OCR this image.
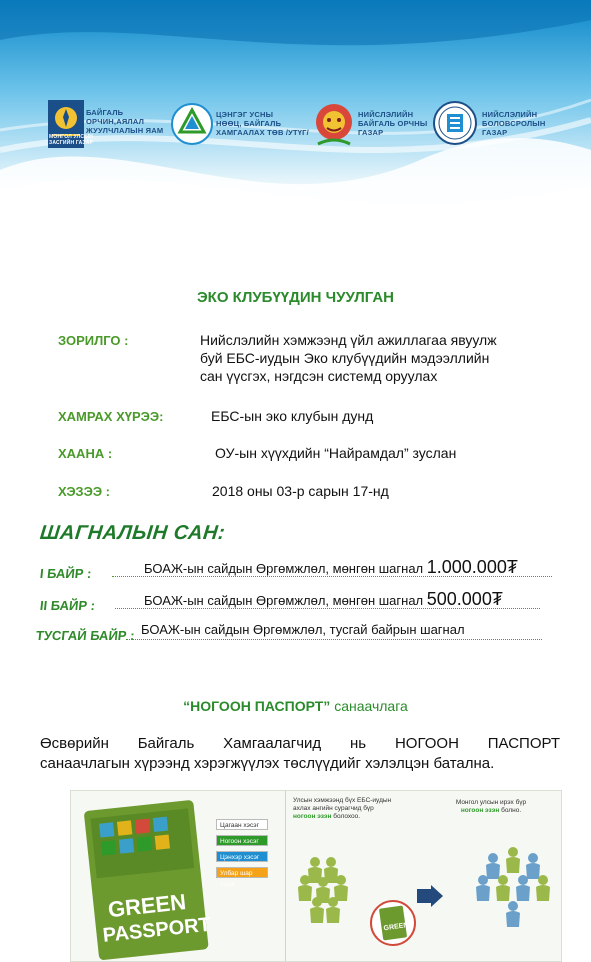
МОНГОЛ УЛСЫН
ЗАСГИЙН ГАЗАР
БАЙГАЛЬ
ОРЧИН,АЯЛАЛ
ЖУУЛЧЛАЛЫН ЯАМ
ЦЭНГЭГ УСНЫ
НӨӨЦ, БАЙГАЛЬ
ХАМГААЛАХ ТӨВ /УТҮГ/
НИЙСЛЭЛИЙН
БАЙГАЛЬ ОРЧНЫ
ГАЗАР
НИЙСЛЭЛИЙН
БОЛОВСРОЛЫН
ГАЗАР
ЭКО КЛУБҮҮДИН ЧУУЛГАН
ЗОРИЛГО :	Нийслэлийн хэмжээнд үйл ажиллагаа явуулж
буй ЕБС-иудын Эко клубүүдийн мэдээллийн
сан үүсгэх, нэгдсэн системд оруулах
ХАМРАХ ХҮРЭЭ:	ЕБС-ын эко клубын дунд
ХААНА :	ОУ-ын хүүхдийн “Найрамдал” зуслан
ХЭЗЭЭ :	2018 оны 03-р сарын 17-нд
ШАГНАЛЫН САН:
I БАЙР :	БОАЖ-ын сайдын Өргөмжлөл, мөнгөн шагнал 1.000.000₮
II БАЙР :	БОАЖ-ын сайдын Өргөмжлөл, мөнгөн шагнал 500.000₮
ТУСГАЙ БАЙР : БОАЖ-ын сайдын Өргөмжлөл, тусгай байрын шагнал
“НОГООН ПАСПОРТ” санаачлага
Өсвөрийн Байгаль Хамгаалагчид нь НОГООН ПАСПОРТ
санаачлагын хүрээнд хэрэгжүүлэх төслүүдийг хэлэлцэн батална.
GREEN
PASSPORT
Цагаан хэсэг
Ногоон хэсэг
Цэнхэр хэсэг
Улбар шар хэсэг
Улсын хэмжээнд бүх ЕБС-иудын
ахлах ангийн сурагчид бүр
ногоон эзэн болохоо.
Монгол улсын ирэх бүр
ногоон эзэн болно.
GREEN
